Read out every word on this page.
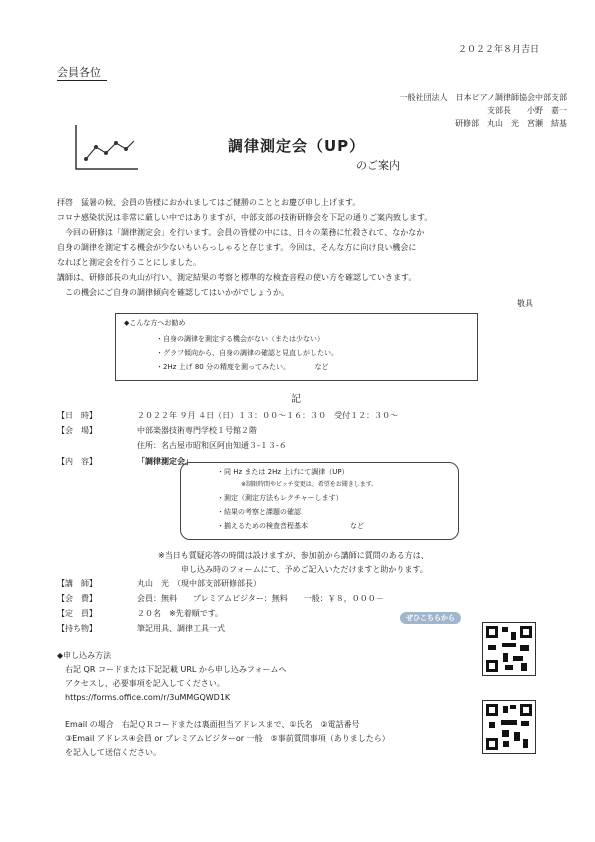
２０２２年８月吉日
会員各位
一般社団法人　日本ピアノ調律師協会中部支部
支部長　　小野　嘉一
研修部　丸山　光　宮瀬　結基
調律測定会（UP）
のご案内
拝啓　猛暑の候、会員の皆様におかれましてはご健勝のこととお慶び申し上げます。
コロナ感染状況は非常に厳しい中ではありますが、中部支部の技術研修会を下記の通りご案内致します。
　今回の研修は「調律測定会」を行います。会員の皆様の中には、日々の業務に忙殺されて、なかなか
自身の調律を測定する機会が少ないもいらっしゃると存じます。今回は、そんな方に向け良い機会に
なればと測定会を行うことにしました。
講師は、研修部長の丸山が行い、測定結果の考察と標準的な検査音程の使い方を確認していきます。
　この機会にご自身の調律傾向を確認してはいかがでしょうか。
敬具
◆こんな方へお勧め
・自身の調律を測定する機会がない（または少ない）
・グラフ傾向から、自身の調律の確認と見直しがしたい。
・2Hz 上げ 80 分の精度を測ってみたい。　　　　など
記
【日　時】	２０２２年 ９月 ４日（日）１３：００～１６：３０　受付１２：３０～
【会　場】	中部楽器技術専門学校１号館２階
住所：名古屋市昭和区阿由知通３-１３-６
【内　容】	「調律測定会」
・同 Hz または 2Hz 上げにて調律（UP）
※制限時間やピッチ変更は、希望をお聞きします。
・測定（測定方法もレクチャーします）
・結果の考察と課題の確認
・揃えるための検査音程基本　　　　　　など
※当日も質疑応答の時間は設けますが、参加前から講師に質問のある方は、
申し込み時のフォームにて、予めご記入いただけますと助かります。
【講　師】	丸山　光　（現中部支部研修部長）
【会　費】	会員：無料　　プレミアムビジター：無料　　一般：￥８，０００－
【定　員】	２０名　※先着順です。
【持ち物】	筆記用具、調律工具一式
ぜひこちらから
◆申し込み方法
右記 QR コードまたは下記記載 URL から申し込みフォームへ
アクセスし、必要事項を記入してください。
https://forms.office.com/r/3uMMGQWD1K
Email の場合　右記ＱＲコードまたは裏面担当アドレスまで、①氏名　②電話番号
③Email アドレス④会員 or プレミアムビジターor 一般　⑤事前質問事項（ありましたら）
を記入して送信ください。
